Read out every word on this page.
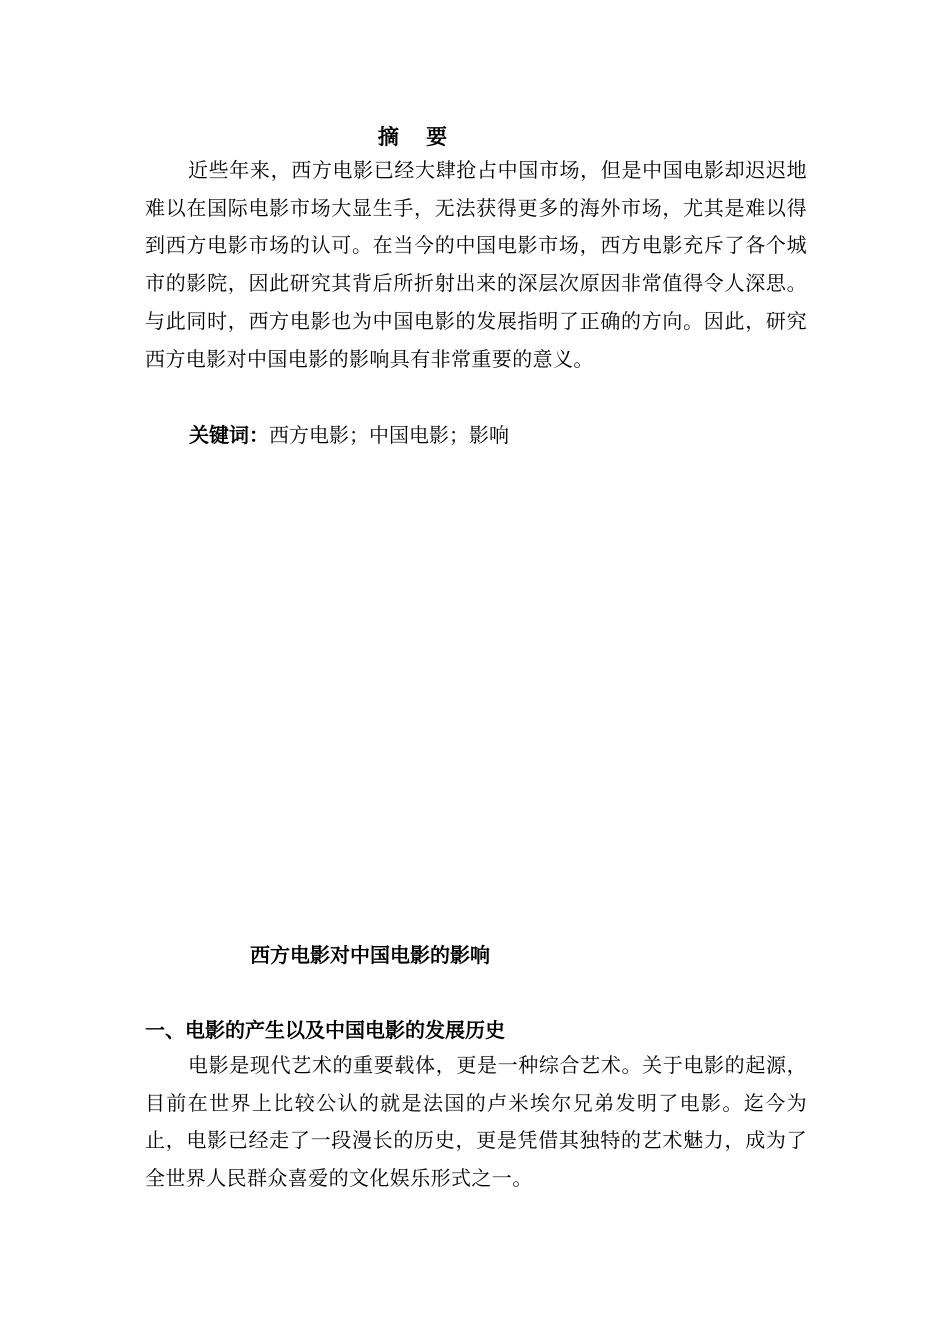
摘 要

近些年来，西方电影已经大肆抢占中国市场，但是中国电影却迟迟地难以在国际电影市场大显生手，无法获得更多的海外市场，尤其是难以得到西方电影市场的认可。在当今的中国电影市场，西方电影充斥了各个城市的影院，因此研究其背后所折射出来的深层次原因非常值得令人深思。与此同时，西方电影也为中国电影的发展指明了正确的方向。因此，研究西方电影对中国电影的影响具有非常重要的意义。

关键词：西方电影；中国电影；影响
西方电影对中国电影的影响
一、电影的产生以及中国电影的发展历史

电影是现代艺术的重要载体，更是一种综合艺术。关于电影的起源，目前在世界上比较公认的就是法国的卢米埃尔兄弟发明了电影。迄今为止，电影已经走了一段漫长的历史，更是凭借其独特的艺术魅力，成为了全世界人民群众喜爱的文化娱乐形式之一。
